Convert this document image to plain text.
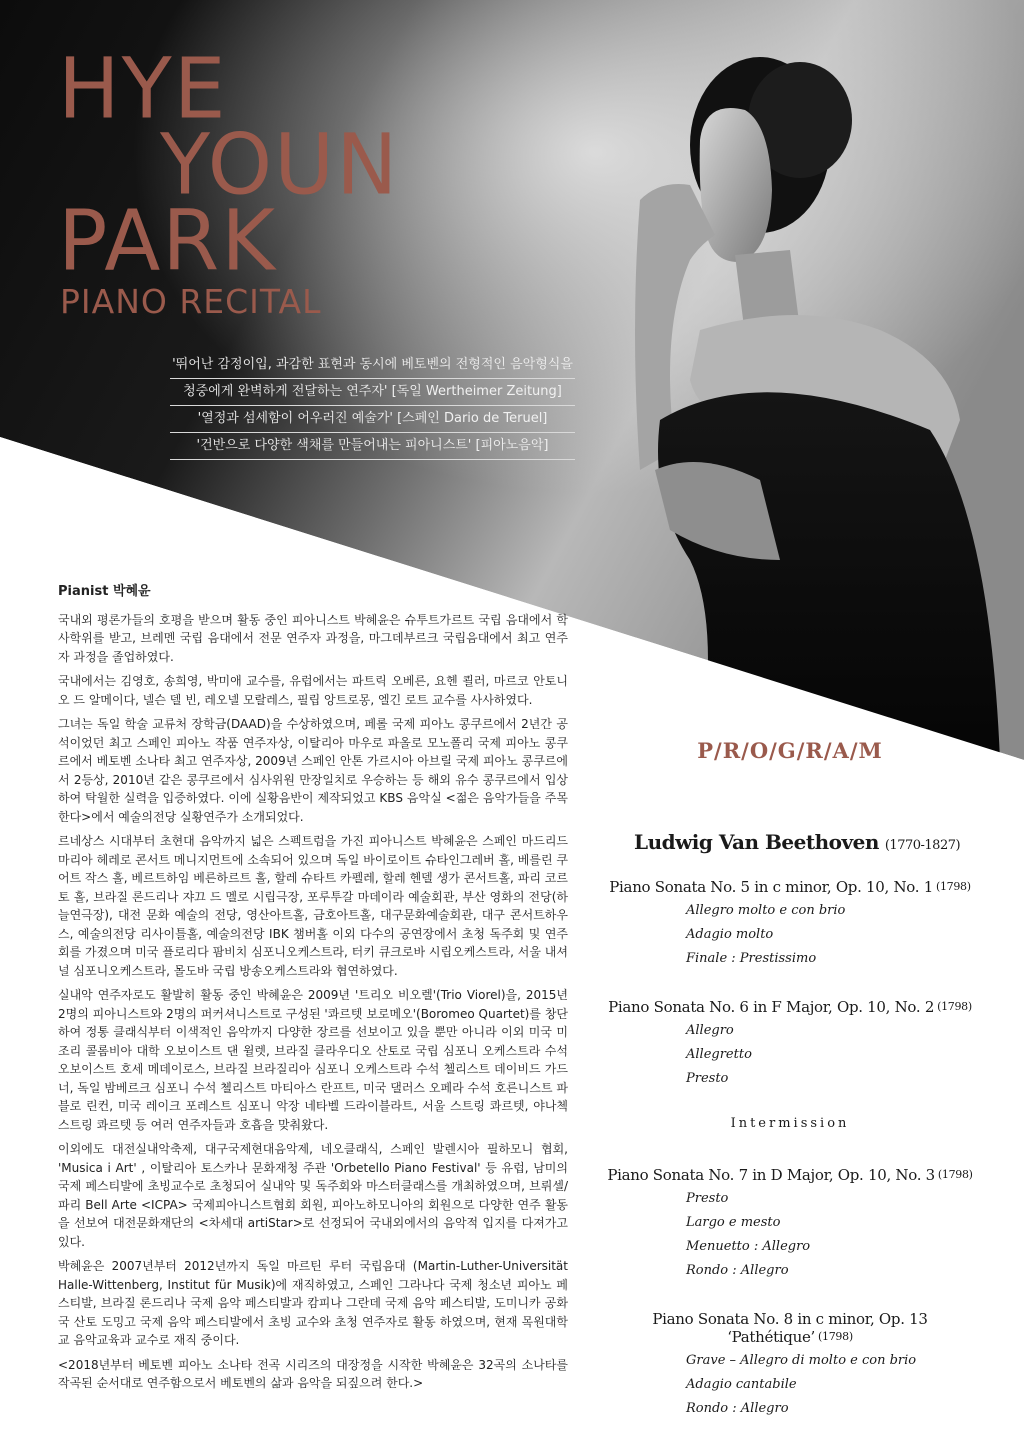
HYE
YOUN
PARK
PIANO RECITAL
'뛰어난 감정이입, 과감한 표현과 동시에 베토벤의 전형적인 음악형식을
청중에게 완벽하게 전달하는 연주자' [독일 Wertheimer Zeitung]
'열정과 섬세함이 어우러진 예술가' [스페인 Dario de Teruel]
'건반으로 다양한 색채를 만들어내는 피아니스트' [피아노음악]
Pianist 박혜윤

국내외 평론가들의 호평을 받으며 활동 중인 피아니스트 박혜윤은 슈투트가르트 국립 음대에서 학사학위를 받고, 브레멘 국립 음대에서 전문 연주자 과정을, 마그데부르크 국립음대에서 최고 연주자 과정을 졸업하였다.

국내에서는 김영호, 송희영, 박미애 교수를, 유럽에서는 파트릭 오베른, 요헨 쾰러, 마르코 안토니오 드 알메이다, 넬슨 델 빈, 레오넬 모랄레스, 필립 앙트로몽, 엘긴 로트 교수를 사사하였다.

그녀는 독일 학술 교류처 장학금(DAAD)을 수상하였으며, 페롤 국제 피아노 콩쿠르에서 2년간 공석이었던 최고 스페인 피아노 작품 연주자상, 이탈리아 마우로 파올로 모노폴리 국제 피아노 콩쿠르에서 베토벤 소나타 최고 연주자상, 2009년 스페인 안톤 가르시아 아브릴 국제 피아노 콩쿠르에서 2등상, 2010년 같은 콩쿠르에서 심사위원 만장일치로 우승하는 등 해외 유수 콩쿠르에서 입상하여 탁월한 실력을 입증하였다. 이에 실황음반이 제작되었고 KBS 음악실 <젊은 음악가들을 주목한다>에서 예술의전당 실황연주가 소개되었다.

르네상스 시대부터 초현대 음악까지 넓은 스펙트럼을 가진 피아니스트 박혜윤은 스페인 마드리드 마리아 헤레로 콘서트 메니지먼트에 소속되어 있으며 독일 바이로이트 슈타인그레버 홀, 베를린 쿠어트 작스 홀, 베르트하임 베른하르트 홀, 할레 슈타트 카펠레, 할레 헨델 생가 콘서트홀, 파리 코르토 홀, 브라질 론드리나 쟈끄 드 멜로 시립극장, 포루투갈 마데이라 예술회관, 부산 영화의 전당(하늘연극장), 대전 문화 예술의 전당, 영산아트홀, 금호아트홀, 대구문화예술회관, 대구 콘서트하우스, 예술의전당 리사이틀홀, 예술의전당 IBK 챔버홀 이외 다수의 공연장에서 초청 독주회 및 연주회를 가졌으며 미국 플로리다 팜비치 심포니오케스트라, 터키 큐크로바 시립오케스트라, 서울 내셔널 심포니오케스트라, 몰도바 국립 방송오케스트라와 협연하였다.

실내악 연주자로도 활발히 활동 중인 박혜윤은 2009년 '트리오 비오렐'(Trio Viorel)을, 2015년 2명의 피아니스트와 2명의 퍼커셔니스트로 구성된 '콰르텟 보로메오'(Boromeo Quartet)를 창단하여 정통 클래식부터 이색적인 음악까지 다양한 장르를 선보이고 있을 뿐만 아니라 이외 미국 미조리 콜롬비아 대학 오보이스트 댄 윌렛, 브라질 클라우디오 산토로 국립 심포니 오케스트라 수석 오보이스트 호세 메데이로스, 브라질 브라질리아 심포니 오케스트라 수석 첼리스트 데이비드 가드너, 독일 밤베르크 심포니 수석 첼리스트 마티아스 란프트, 미국 댈러스 오페라 수석 호른니스트 파블로 린컨, 미국 레이크 포레스트 심포니 악장 네타벨 드라이블라트, 서울 스트링 콰르텟, 야나첵 스트링 콰르텟 등 여러 연주자들과 호흡을 맞춰왔다.

이외에도 대전실내악축제, 대구국제현대음악제, 네오클래식, 스페인 발렌시아 필하모니 협회, 'Musica i Art' , 이탈리아 토스카나 문화재청 주관 'Orbetello Piano Festival' 등 유럽, 남미의 국제 페스티발에 초빙교수로 초청되어 실내악 및 독주회와 마스터클래스를 개최하였으며, 브뤼셀/파리 Bell Arte <ICPA> 국제피아니스트협회 회원, 피아노하모니아의 회원으로 다양한 연주 활동을 선보여 대전문화재단의 <차세대 artiStar>로 선정되어 국내외에서의 음악적 입지를 다져가고 있다.

박혜윤은 2007년부터 2012년까지 독일 마르틴 루터 국립음대 (Martin-Luther-Universität Halle-Wittenberg, Institut für Musik)에 재직하였고, 스페인 그라나다 국제 청소년 피아노 페스티발, 브라질 론드리나 국제 음악 페스티발과 캄피나 그란데 국제 음악 페스티발, 도미니카 공화국 산토 도밍고 국제 음악 페스티발에서 초빙 교수와 초청 연주자로 활동 하였으며, 현재 목원대학교 음악교육과 교수로 재직 중이다.

<2018년부터 베토벤 피아노 소나타 전곡 시리즈의 대장정을 시작한 박혜윤은 32곡의 소나타를 작곡된 순서대로 연주함으로서 베토벤의 삶과 음악을 되짚으려 한다.>

P/R/O/G/R/A/M
Ludwig Van Beethoven (1770-1827)
Piano Sonata No. 5 in c minor, Op. 10, No. 1 (1798)
Allegro molto e con brio
Adagio molto
Finale : Prestissimo
Piano Sonata No. 6 in F Major, Op. 10, No. 2 (1798)
Allegro
Allegretto
Presto
Intermission
Piano Sonata No. 7 in D Major, Op. 10, No. 3 (1798)
Presto
Largo e mesto
Menuetto : Allegro
Rondo : Allegro
Piano Sonata No. 8 in c minor, Op. 13 ‘Pathétique’ (1798)
Grave – Allegro di molto e con brio
Adagio cantabile
Rondo : Allegro
